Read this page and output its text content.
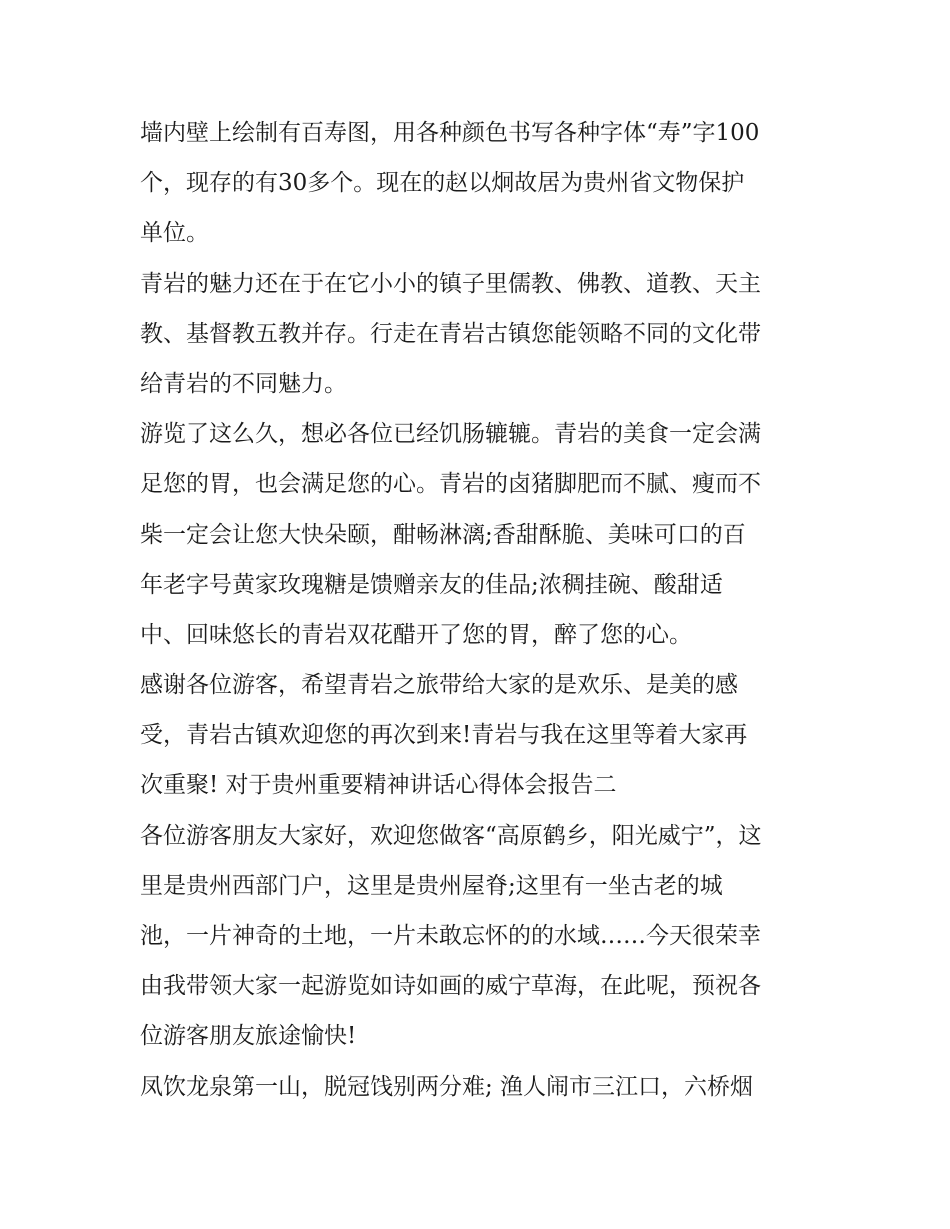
墙内壁上绘制有百寿图，用各种颜色书写各种字体“寿”字100
个，现存的有30多个。现在的赵以炯故居为贵州省文物保护
单位。
青岩的魅力还在于在它小小的镇子里儒教、佛教、道教、天主
教、基督教五教并存。行走在青岩古镇您能领略不同的文化带
给青岩的不同魅力。
游览了这么久，想必各位已经饥肠辘辘。青岩的美食一定会满
足您的胃，也会满足您的心。青岩的卤猪脚肥而不腻、瘦而不
柴一定会让您大快朵颐，酣畅淋漓;香甜酥脆、美味可口的百
年老字号黄家玫瑰糖是馈赠亲友的佳品;浓稠挂碗、酸甜适
中、回味悠长的青岩双花醋开了您的胃，醉了您的心。
感谢各位游客，希望青岩之旅带给大家的是欢乐、是美的感
受，青岩古镇欢迎您的再次到来!青岩与我在这里等着大家再
次重聚! 对于贵州重要精神讲话心得体会报告二
各位游客朋友大家好，欢迎您做客“高原鹤乡，阳光威宁”，这
里是贵州西部门户，这里是贵州屋脊;这里有一坐古老的城
池，一片神奇的土地，一片未敢忘怀的的水域……今天很荣幸
由我带领大家一起游览如诗如画的威宁草海，在此呢，预祝各
位游客朋友旅途愉快!
凤饮龙泉第一山，脱冠饯别两分难; 渔人闹市三江口，六桥烟
